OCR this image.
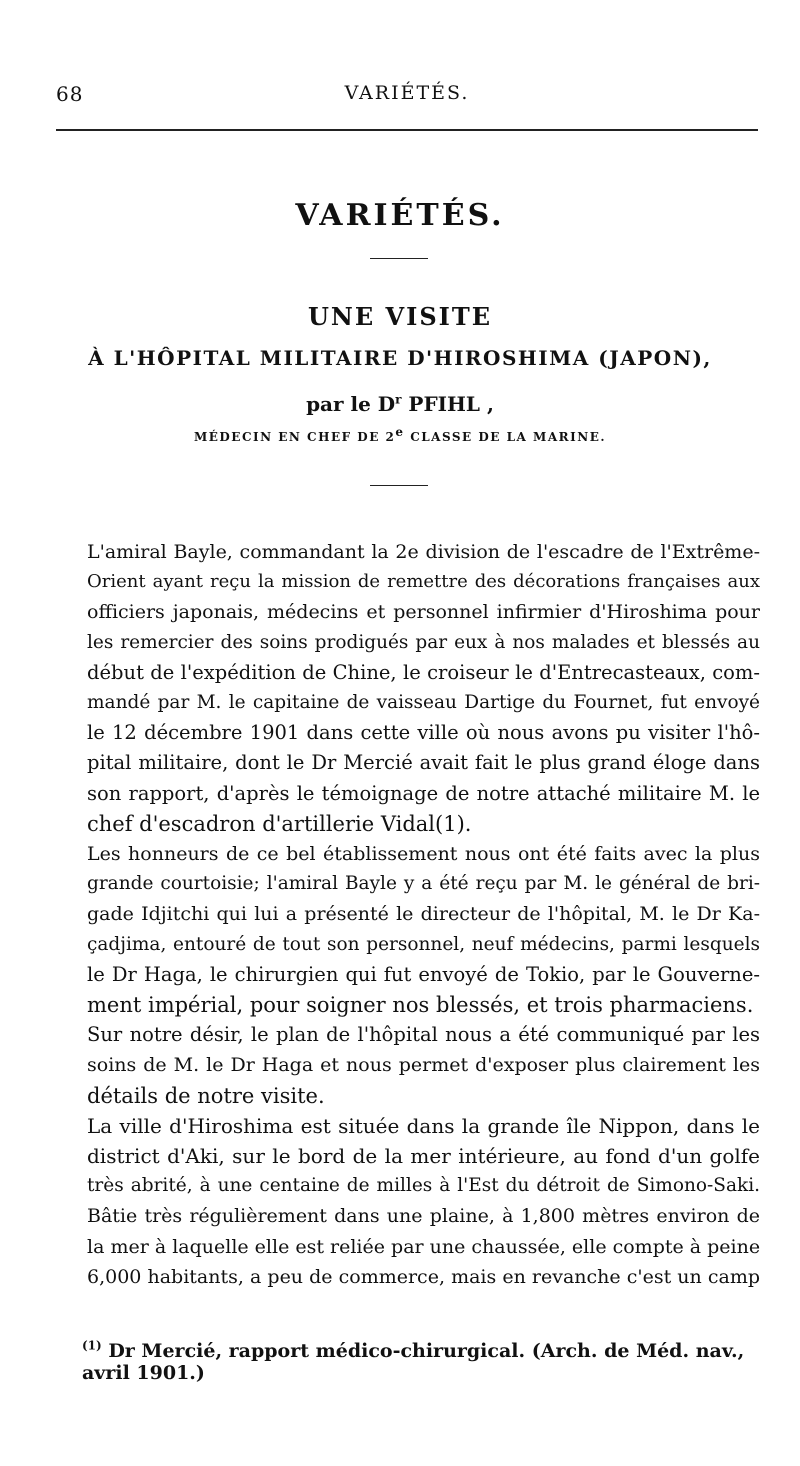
68	VARIÉTÉS.
VARIÉTÉS.
UNE VISITE
À L'HÔPITAL MILITAIRE D'HIROSHIMA (JAPON),
par le $D^r$ PFIHL ,
MÉDECIN EN CHEF DE 2e CLASSE DE LA MARINE.

L'amiral Bayle, commandant la 2e division de l'escadre de l'Extrême-
Orient ayant reçu la mission de remettre des décorations françaises aux
officiers japonais, médecins et personnel infirmier d'Hiroshima pour
les remercier des soins prodigués par eux à nos malades et blessés au
début de l'expédition de Chine, le croiseur le d'Entrecasteaux, com-
mandé par M. le capitaine de vaisseau Dartige du Fournet, fut envoyé
le 12 décembre 1901 dans cette ville où nous avons pu visiter l'hô-
pital militaire, dont le Dr Mercié avait fait le plus grand éloge dans
son rapport, d'après le témoignage de notre attaché militaire M. le
chef d'escadron d'artillerie Vidal(1).

Les honneurs de ce bel établissement nous ont été faits avec la plus
grande courtoisie; l'amiral Bayle y a été reçu par M. le général de bri-
gade Idjitchi qui lui a présenté le directeur de l'hôpital, M. le Dr Ka-
çadjima, entouré de tout son personnel, neuf médecins, parmi lesquels
le Dr Haga, le chirurgien qui fut envoyé de Tokio, par le Gouverne-
ment impérial, pour soigner nos blessés, et trois pharmaciens.

Sur notre désir, le plan de l'hôpital nous a été communiqué par les
soins de M. le Dr Haga et nous permet d'exposer plus clairement les
détails de notre visite.

La ville d'Hiroshima est située dans la grande île Nippon, dans le
district d'Aki, sur le bord de la mer intérieure, au fond d'un golfe
très abrité, à une centaine de milles à l'Est du détroit de Simono-Saki.
Bâtie très régulièrement dans une plaine, à 1,800 mètres environ de
la mer à laquelle elle est reliée par une chaussée, elle compte à peine
6,000 habitants, a peu de commerce, mais en revanche c'est un camp

$^{(1)}$ Dr Mercié, rapport médico-chirurgical. (Arch. de Méd. nav., avril 1901.)
